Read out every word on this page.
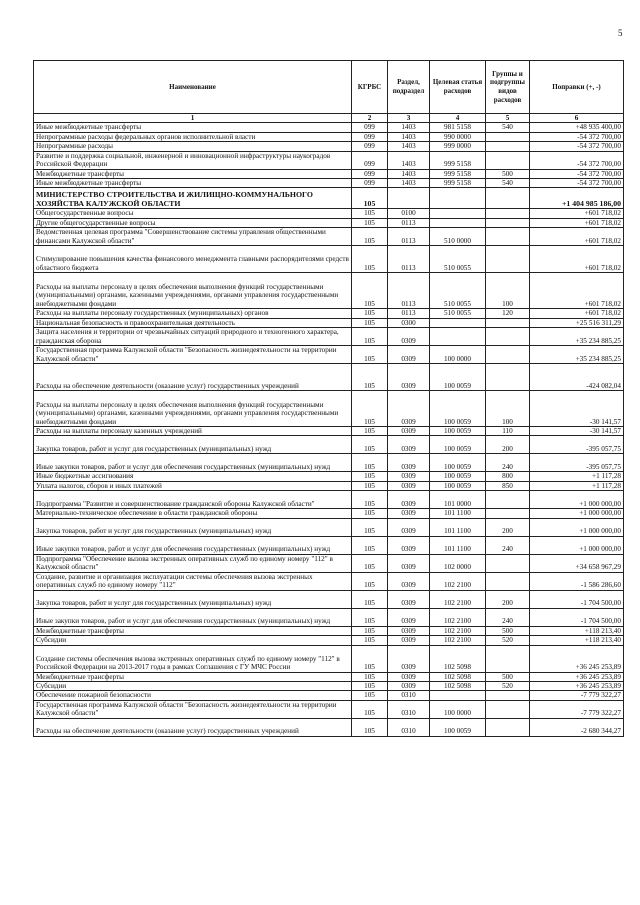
5
Наименование	КГРБС	Раздел, подраздел	Целевая статья расходов	Группы и подгруппы видов расходов	Поправки (+, -)
1	2	3	4	5	6
Иные межбюджетные трансферты	099	1403	981 5158	540	+48 935 400,00
Непрограммные расходы федеральных органов исполнительной власти	099	1403	990 0000		-54 372 700,00
Непрограммные расходы	099	1403	999 0000		-54 372 700,00
Развитие и поддержка социальной, инженерной и инновационной инфраструктуры наукоградов Российской Федерации	099	1403	999 5158		-54 372 700,00
Межбюджетные трансферты	099	1403	999 5158	500	-54 372 700,00
Иные межбюджетные трансферты	099	1403	999 5158	540	-54 372 700,00
МИНИСТЕРСТВО СТРОИТЕЛЬСТВА И ЖИЛИЩНО-КОММУНАЛЬНОГО ХОЗЯЙСТВА КАЛУЖСКОЙ ОБЛАСТИ	105				+1 404 985 186,00
Общегосударственные вопросы	105	0100			+601 718,02
Другие общегосударственные вопросы	105	0113			+601 718,02
Ведомственная целевая программа "Совершенствование системы управления общественными финансами Калужской области"	105	0113	510 0000		+601 718,02
Стимулирование повышения качества финансового менеджмента главными распорядителями средств областного бюджета	105	0113	510 0055		+601 718,02
Расходы на выплаты персоналу в целях обеспечения выполнения функций государственными (муниципальными) органами, казенными учреждениями, органами управления государственными внебюджетными фондами	105	0113	510 0055	100	+601 718,02
Расходы на выплаты персоналу государственных (муниципальных) органов	105	0113	510 0055	120	+601 718,02
Национальная безопасность и правоохранительная деятельность	105	0300			+25 516 311,29
Защита населения и территории от чрезвычайных ситуаций природного и техногенного характера, гражданская оборона	105	0309			+35 234 885,25
Государственная программа Калужской области "Безопасность жизнедеятельности на территории Калужской области"	105	0309	100 0000		+35 234 885,25
Расходы на обеспечение деятельности (оказание услуг) государственных учреждений	105	0309	100 0059		-424 082,04
Расходы на выплаты персоналу в целях обеспечения выполнения функций государственными (муниципальными) органами, казенными учреждениями, органами управления государственными внебюджетными фондами	105	0309	100 0059	100	-30 141,57
Расходы на выплаты персоналу казенных учреждений	105	0309	100 0059	110	-30 141,57
Закупка товаров, работ и услуг для государственных (муниципальных) нужд	105	0309	100 0059	200	-395 057,75
Иные закупки товаров, работ и услуг для обеспечения государственных (муниципальных) нужд	105	0309	100 0059	240	-395 057,75
Иные бюджетные ассигнования	105	0309	100 0059	800	+1 117,28
Уплата налогов, сборов и иных платежей	105	0309	100 0059	850	+1 117,28
Подпрограмма "Развитие и совершенствование гражданской обороны Калужской области"	105	0309	101 0000		+1 000 000,00
Материально-техническое обеспечение в области гражданской обороны	105	0309	101 1100		+1 000 000,00
Закупка товаров, работ и услуг для государственных (муниципальных) нужд	105	0309	101 1100	200	+1 000 000,00
Иные закупки товаров, работ и услуг для обеспечения государственных (муниципальных) нужд	105	0309	101 1100	240	+1 000 000,00
Подпрограмма "Обеспечение вызова экстренных оперативных служб по единому номеру "112" в Калужской области"	105	0309	102 0000		+34 658 967,29
Создание, развитие и организация эксплуатации системы обеспечения вызова экстренных оперативных служб по единому номеру "112"	105	0309	102 2100		-1 586 286,60
Закупка товаров, работ и услуг для государственных (муниципальных) нужд	105	0309	102 2100	200	-1 704 500,00
Иные закупки товаров, работ и услуг для обеспечения государственных (муниципальных) нужд	105	0309	102 2100	240	-1 704 500,00
Межбюджетные трансферты	105	0309	102 2100	500	+118 213,40
Субсидии	105	0309	102 2100	520	+118 213,40
Создание системы обеспечения вызова экстренных оперативных служб по единому номеру "112" в Российской Федерации на 2013-2017 годы в рамках Соглашения с ГУ МЧС России	105	0309	102 5098		+36 245 253,89
Межбюджетные трансферты	105	0309	102 5098	500	+36 245 253,89
Субсидии	105	0309	102 5098	520	+36 245 253,89
Обеспечение пожарной безопасности	105	0310			-7 779 322,27
Государственная программа Калужской области "Безопасность жизнедеятельности на территории Калужской области"	105	0310	100 0000		-7 779 322,27
Расходы на обеспечение деятельности (оказание услуг) государственных учреждений	105	0310	100 0059		-2 680 344,27
